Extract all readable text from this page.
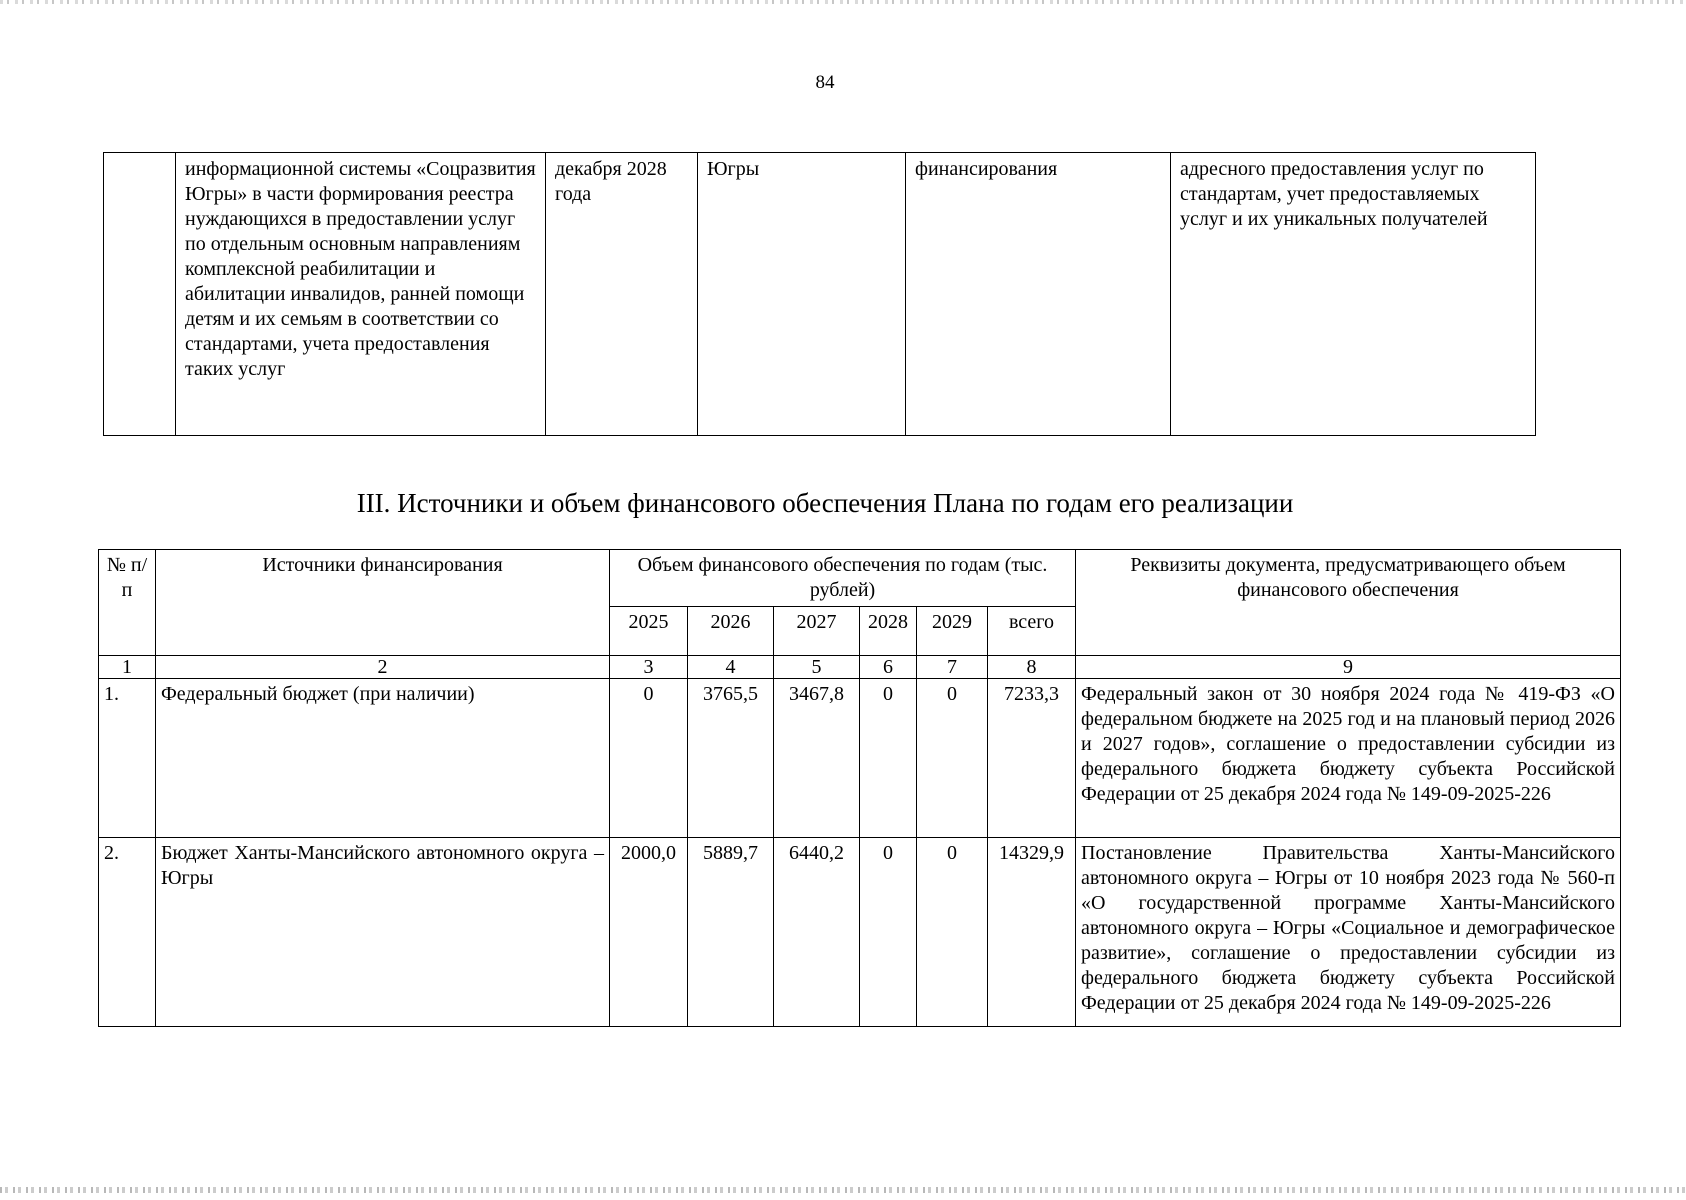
84
	информационной системы «Соцразвития Югры» в части формирования реестра нуждающихся в предоставлении услуг по отдельным основным направлениям комплексной реабилитации и абилитации инвалидов, ранней помощи детям и их семьям в соответствии со стандартами, учета предоставления таких услуг	декабря 2028 года	Югры	финансирования	адресного предоставления услуг по стандартам, учет предоставляемых услуг и их уникальных получателей
III. Источники и объем финансового обеспечения Плана по годам его реализации
№ п/п	Источники финансирования	Объем финансового обеспечения по годам (тыс. рублей)						Реквизиты документа, предусматривающего объем финансового обеспечения
		2025	2026	2027	2028	2029	всего	
1	2	3	4	5	6	7	8	9
1.	Федеральный бюджет (при наличии)	0	3765,5	3467,8	0	0	7233,3	Федеральный закон от 30 ноября 2024 года № 419-ФЗ «О федеральном бюджете на 2025 год и на плановый период 2026 и 2027 годов», соглашение о предоставлении субсидии из федерального бюджета бюджету субъекта Российской Федерации от 25 декабря 2024 года № 149-09-2025-226
2.	Бюджет Ханты-Мансийского автономного округа – Югры	2000,0	5889,7	6440,2	0	0	14329,9	Постановление Правительства Ханты-Мансийского автономного округа – Югры от 10 ноября 2023 года № 560-п «О государственной программе Ханты-Мансийского автономного округа – Югры «Социальное и демографическое развитие», соглашение о предоставлении субсидии из федерального бюджета бюджету субъекта Российской Федерации от 25 декабря 2024 года № 149-09-2025-226
